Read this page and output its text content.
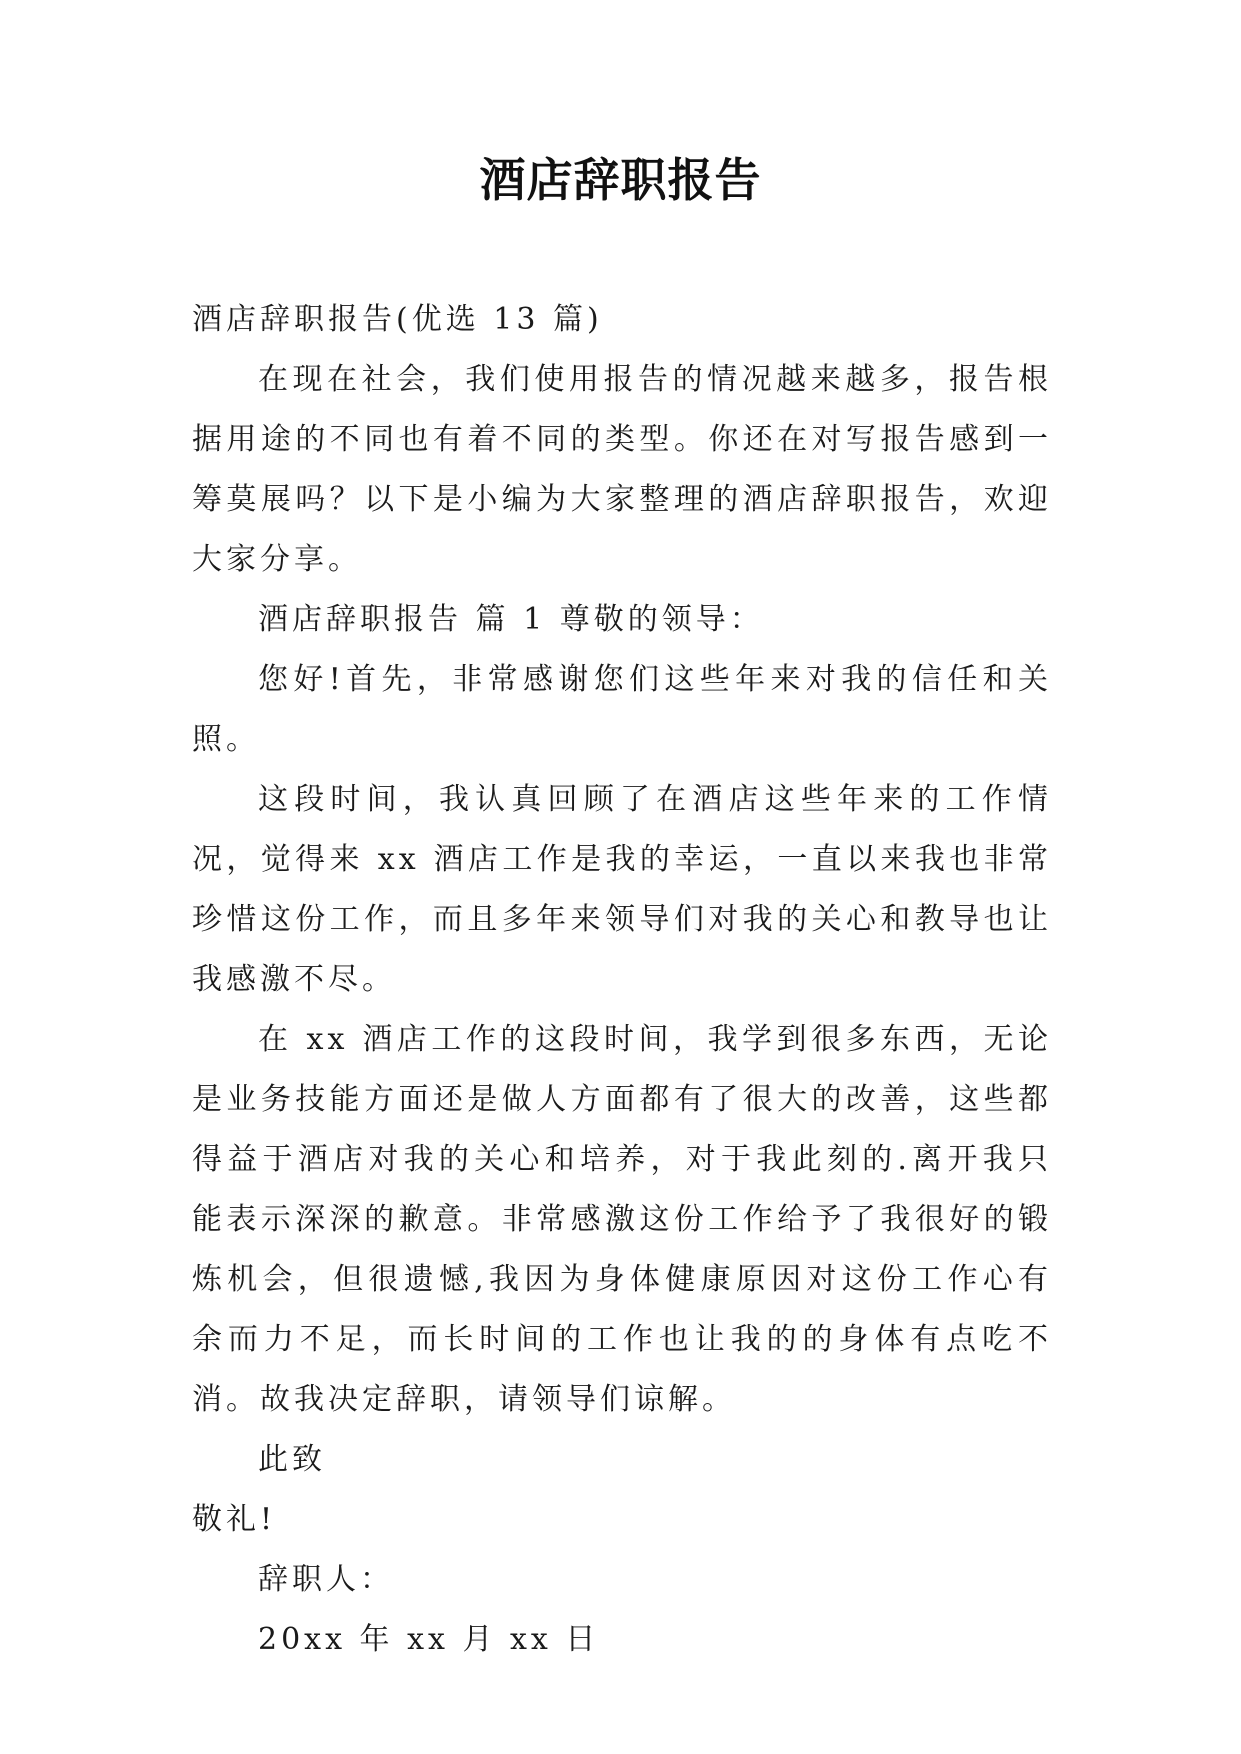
酒店辞职报告

酒店辞职报告(优选 13 篇)

在现在社会，我们使用报告的情况越来越多，报告根据用途的不同也有着不同的类型。你还在对写报告感到一筹莫展吗？以下是小编为大家整理的酒店辞职报告，欢迎大家分享。

酒店辞职报告 篇 1 尊敬的领导：

您好!首先，非常感谢您们这些年来对我的信任和关照。

这段时间，我认真回顾了在酒店这些年来的工作情况，觉得来 xx 酒店工作是我的幸运，一直以来我也非常珍惜这份工作，而且多年来领导们对我的关心和教导也让我感激不尽。

在 xx 酒店工作的这段时间，我学到很多东西，无论是业务技能方面还是做人方面都有了很大的改善，这些都得益于酒店对我的关心和培养，对于我此刻的.离开我只能表示深深的歉意。非常感激这份工作给予了我很好的锻炼机会，但很遗憾,我因为身体健康原因对这份工作心有余而力不足，而长时间的工作也让我的的身体有点吃不消。故我决定辞职，请领导们谅解。

此致

敬礼!

辞职人：

20xx 年 xx 月 xx 日
